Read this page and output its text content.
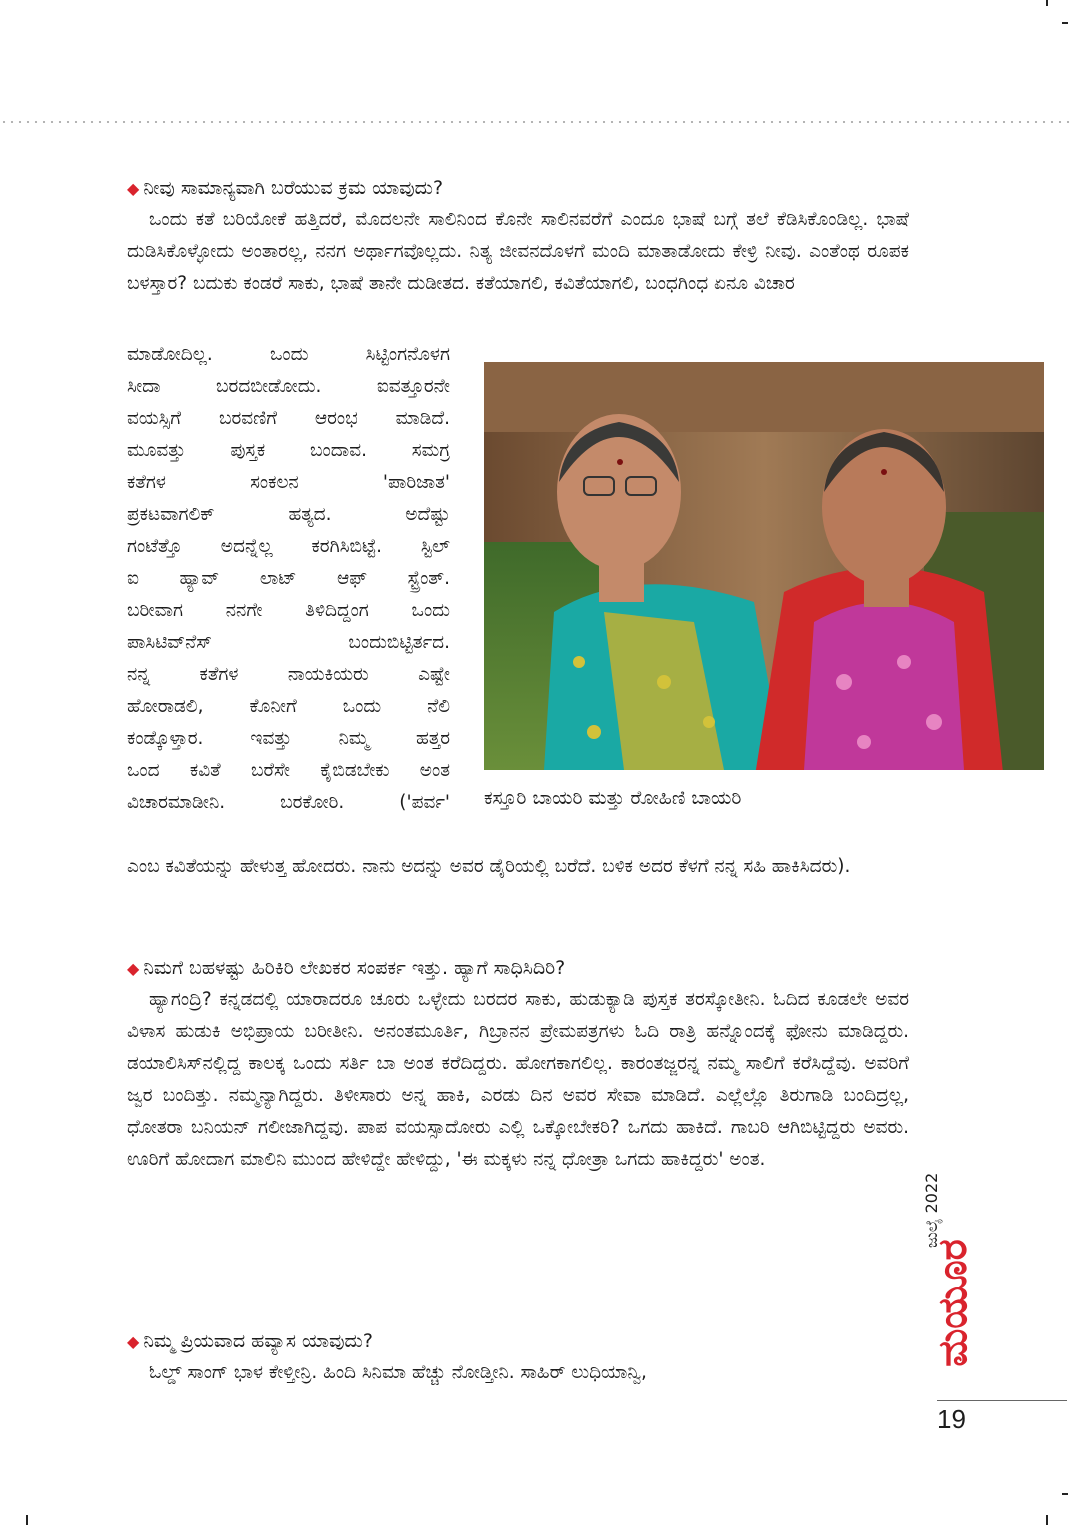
◆ ನೀವು ಸಾಮಾನ್ಯವಾಗಿ ಬರೆಯುವ ಕ್ರಮ ಯಾವುದು?

ಒಂದು ಕತೆ ಬರಿಯೋಕೆ ಹತ್ತಿದರೆ, ಮೊದಲನೇ ಸಾಲಿನಿಂದ ಕೊನೇ ಸಾಲಿನವರೆಗೆ ಎಂದೂ ಭಾಷೆ ಬಗ್ಗೆ ತಲೆ ಕೆಡಿಸಿಕೊಂಡಿಲ್ಲ. ಭಾಷೆ ದುಡಿಸಿಕೊಳ್ಳೋದು ಅಂತಾರಲ್ಲ, ನನಗ ಅರ್ಥಾಗವೊಲ್ಲದು. ನಿತ್ಯ ಜೀವನದೊಳಗೆ ಮಂದಿ ಮಾತಾಡೋದು ಕೇಳ್ರಿ ನೀವು. ಎಂತೆಂಥ ರೂಪಕ ಬಳಸ್ತಾರ? ಬದುಕು ಕಂಡರೆ ಸಾಕು, ಭಾಷೆ ತಾನೇ ದುಡೀತದ. ಕತೆಯಾಗಲಿ, ಕವಿತೆಯಾಗಲಿ, ಬಂಧಗಿಂಧ ಏನೂ ವಿಚಾರ

ಮಾಡೋದಿಲ್ಲ. ಒಂದು ಸಿಟ್ಟಿಂಗನೊಳಗ
ಸೀದಾ ಬರದಬೀಡೋದು. ಐವತ್ತೂರನೇ
ವಯಸ್ಸಿಗೆ ಬರವಣಿಗೆ ಆರಂಭ ಮಾಡಿದೆ.
ಮೂವತ್ತು ಪುಸ್ತಕ ಬಂದಾವ. ಸಮಗ್ರ
ಕತೆಗಳ ಸಂಕಲನ 'ಪಾರಿಜಾತ'
ಪ್ರಕಟವಾಗಲಿಕ್ ಹತ್ಯದ. ಅದೆಷ್ಟು
ಗಂಟೆತ್ತೊ ಅದನ್ನೆಲ್ಲ ಕರಗಿಸಿಬಿಟ್ಟೆ. ಸ್ಟಿಲ್
ಐ ಹ್ಯಾವ್ ಲಾಟ್ ಆಫ್ ಸ್ಟ್ರೆಂತ್.
ಬರೀವಾಗ ನನಗೇ ತಿಳಿದಿದ್ದಂಗ ಒಂದು
ಪಾಸಿಟಿವ್‌ನೆಸ್ ಬಂದುಬಿಟ್ಟಿರ್ತದ.
ನನ್ನ ಕತೆಗಳ ನಾಯಕಿಯರು ಎಷ್ಟೇ
ಹೋರಾಡಲಿ, ಕೊನೀಗೆ ಒಂದು ನೆಲಿ
ಕಂಡ್ಕೊಳ್ತಾರ. ಇವತ್ತು ನಿಮ್ಮ ಹತ್ತರ
ಒಂದ ಕವಿತೆ ಬರೆಸೇ ಕೈಬಿಡಬೇಕು ಅಂತ
ವಿಚಾರಮಾಡೀನಿ. ಬರಕೋರಿ. ('ಪರ್ವ'

ಎಂಬ ಕವಿತೆಯನ್ನು ಹೇಳುತ್ತ ಹೋದರು. ನಾನು ಅದನ್ನು ಅವರ ಡೈರಿಯಲ್ಲಿ ಬರೆದೆ. ಬಳಿಕ ಅದರ ಕೆಳಗೆ ನನ್ನ ಸಹಿ ಹಾಕಿಸಿದರು).

ಕಸ್ತೂರಿ ಬಾಯರಿ ಮತ್ತು ರೋಹಿಣಿ ಬಾಯರಿ

◆ ನಿಮಗೆ ಬಹಳಷ್ಟು ಹಿರಿಕಿರಿ ಲೇಖಕರ ಸಂಪರ್ಕ ಇತ್ತು. ಹ್ಯಾಗೆ ಸಾಧಿಸಿದಿರಿ?

ಹ್ಯಾಗಂದ್ರಿ? ಕನ್ನಡದಲ್ಲಿ ಯಾರಾದರೂ ಚೂರು ಒಳ್ಳೇದು ಬರದರ ಸಾಕು, ಹುಡುಕ್ಯಾಡಿ ಪುಸ್ತಕ ತರಸ್ಕೋತೀನಿ. ಓದಿದ ಕೂಡಲೇ ಅವರ ವಿಳಾಸ ಹುಡುಕಿ ಅಭಿಪ್ರಾಯ ಬರೀತೀನಿ. ಅನಂತಮೂರ್ತಿ, ಗಿಬ್ರಾನನ ಪ್ರೇಮಪತ್ರಗಳು ಓದಿ ರಾತ್ರಿ ಹನ್ನೊಂದಕ್ಕೆ ಫೋನು ಮಾಡಿದ್ದರು. ಡಯಾಲಿಸಿಸ್‌ನಲ್ಲಿದ್ದ ಕಾಲಕ್ಕ ಒಂದು ಸರ್ತಿ ಬಾ ಅಂತ ಕರೆದಿದ್ದರು. ಹೋಗಕಾಗಲಿಲ್ಲ. ಕಾರಂತಜ್ಜರನ್ನ ನಮ್ಮ ಸಾಲಿಗೆ ಕರೆಸಿದ್ದೆವು. ಅವರಿಗೆ ಜ್ವರ ಬಂದಿತ್ತು. ನಮ್ಮನ್ಯಾಗಿದ್ದರು. ತಿಳೀಸಾರು ಅನ್ನ ಹಾಕಿ, ಎರಡು ದಿನ ಅವರ ಸೇವಾ ಮಾಡಿದೆ. ಎಲ್ಲೆಲ್ಲೊ ತಿರುಗಾಡಿ ಬಂದಿದ್ರಲ್ಲ, ಧೋತರಾ ಬನಿಯನ್ ಗಲೀಜಾಗಿದ್ದವು. ಪಾಪ ವಯಸ್ಸಾದೋರು ಎಲ್ಲಿ ಒಕ್ಕೋಬೇಕರಿ? ಒಗದು ಹಾಕಿದೆ. ಗಾಬರಿ ಆಗಿಬಿಟ್ಟಿದ್ದರು ಅವರು. ಊರಿಗೆ ಹೋದಾಗ ಮಾಲಿನಿ ಮುಂದ ಹೇಳಿದ್ದೇ ಹೇಳಿದ್ದು, 'ಈ ಮಕ್ಕಳು ನನ್ನ ಧೋತ್ರಾ ಒಗದು ಹಾಕಿದ್ದರು' ಅಂತ.

◆ ನಿಮ್ಮ ಪ್ರಿಯವಾದ ಹವ್ಯಾಸ ಯಾವುದು?

ಓಲ್ಡ್ ಸಾಂಗ್ ಭಾಳ ಕೇಳ್ತೀನ್ರಿ. ಹಿಂದಿ ಸಿನಿಮಾ ಹೆಚ್ಚು ನೋಡ್ತೀನಿ. ಸಾಹಿರ್ ಲುಧಿಯಾನ್ವಿ,

ಜುಲೈ 2022
ಮಯೂರ
19
